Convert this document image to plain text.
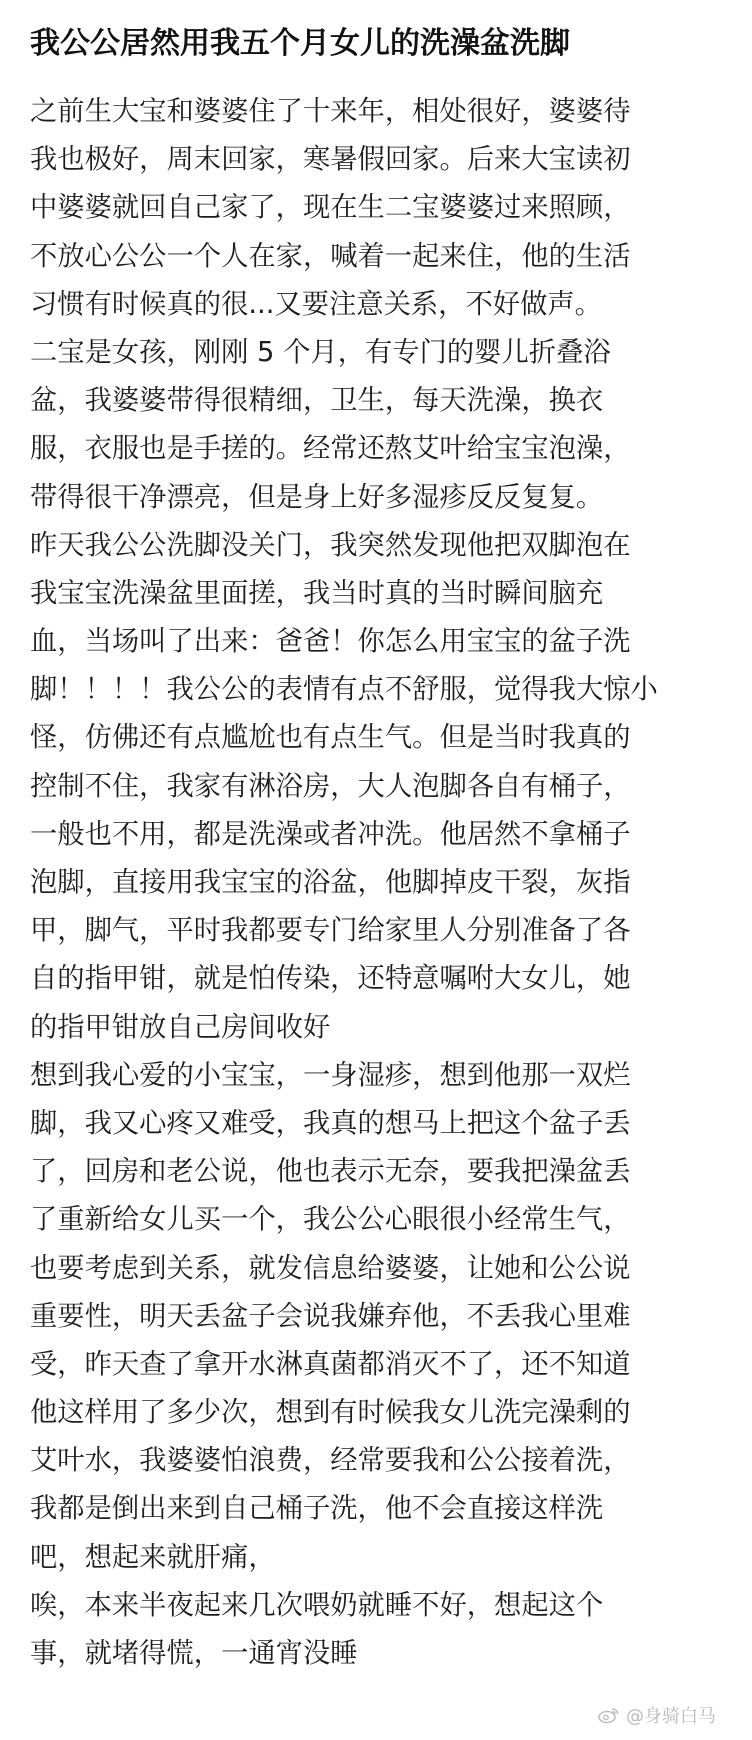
我公公居然用我五个月女儿的洗澡盆洗脚
之前生大宝和婆婆住了十来年，相处很好，婆婆待
我也极好，周末回家，寒暑假回家。后来大宝读初
中婆婆就回自己家了，现在生二宝婆婆过来照顾，
不放心公公一个人在家，喊着一起来住，他的生活
习惯有时候真的很...又要注意关系，不好做声。
二宝是女孩，刚刚 5 个月，有专门的婴儿折叠浴
盆，我婆婆带得很精细，卫生，每天洗澡，换衣
服，衣服也是手搓的。经常还熬艾叶给宝宝泡澡，
带得很干净漂亮，但是身上好多湿疹反反复复。
昨天我公公洗脚没关门，我突然发现他把双脚泡在
我宝宝洗澡盆里面搓，我当时真的当时瞬间脑充
血，当场叫了出来：爸爸！你怎么用宝宝的盆子洗
脚！！！！我公公的表情有点不舒服，觉得我大惊小
怪，仿佛还有点尴尬也有点生气。但是当时我真的
控制不住，我家有淋浴房，大人泡脚各自有桶子，
一般也不用，都是洗澡或者冲洗。他居然不拿桶子
泡脚，直接用我宝宝的浴盆，他脚掉皮干裂，灰指
甲，脚气，平时我都要专门给家里人分别准备了各
自的指甲钳，就是怕传染，还特意嘱咐大女儿，她
的指甲钳放自己房间收好
想到我心爱的小宝宝，一身湿疹，想到他那一双烂
脚，我又心疼又难受，我真的想马上把这个盆子丢
了，回房和老公说，他也表示无奈，要我把澡盆丢
了重新给女儿买一个，我公公心眼很小经常生气，
也要考虑到关系，就发信息给婆婆，让她和公公说
重要性，明天丢盆子会说我嫌弃他，不丢我心里难
受，昨天查了拿开水淋真菌都消灭不了，还不知道
他这样用了多少次，想到有时候我女儿洗完澡剩的
艾叶水，我婆婆怕浪费，经常要我和公公接着洗，
我都是倒出来到自己桶子洗，他不会直接这样洗
吧，想起来就肝痛，
唉，本来半夜起来几次喂奶就睡不好，想起这个
事，就堵得慌，一通宵没睡
@身骑白马
